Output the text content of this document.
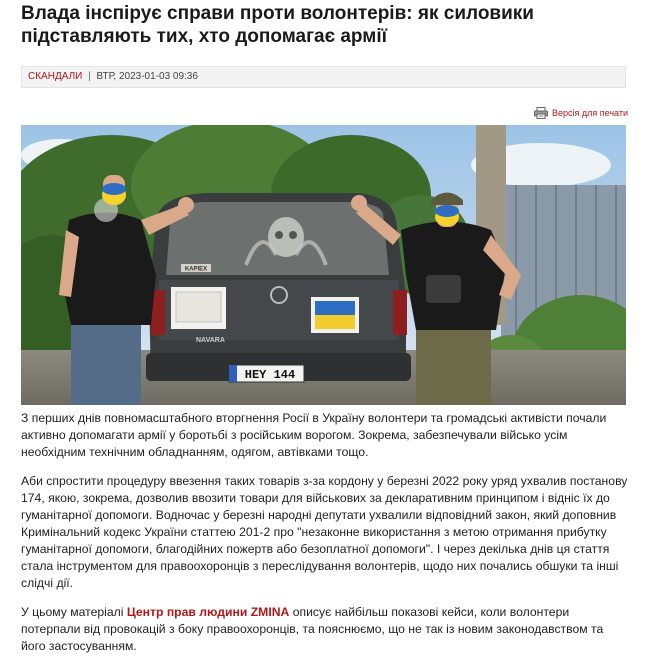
Влада інспірує справи проти волонтерів: як силовики підставляють тих, хто допомагає армії
СКАНДАЛИ | ВТР, 2023-01-03 09:36
Версія для печати
KAPIEX
NAVARA
HEY 144

З перших днів повномасштабного вторгнення Росії в Україну волонтери та громадські активісти почали активно допомагати армії у боротьбі з російським ворогом. Зокрема, забезпечували військо усім необхідним технічним обладнанням, одягом, автівками тощо.

Аби спростити процедуру ввезення таких товарів з-за кордону у березні 2022 року уряд ухвалив постанову 174, якою, зокрема, дозволив ввозити товари для військових за декларативним принципом і відніс їх до гуманітарної допомоги. Водночас у березні народні депутати ухвалили відповідний закон, який доповнив Кримінальний кодекс України статтею 201-2 про "незаконне використання з метою отримання прибутку гуманітарної допомоги, благодійних пожертв або безоплатної допомоги". І через декілька днів ця стаття стала інструментом для правоохоронців з переслідування волонтерів, щодо них почались обшуки та інші слідчі дії.

У цьому матеріалі Центр прав людини ZMINA описує найбільш показові кейси, коли волонтери потерпали від провокацій з боку правоохоронців, та пояснюємо, що не так із новим законодавством та його застосуванням.
